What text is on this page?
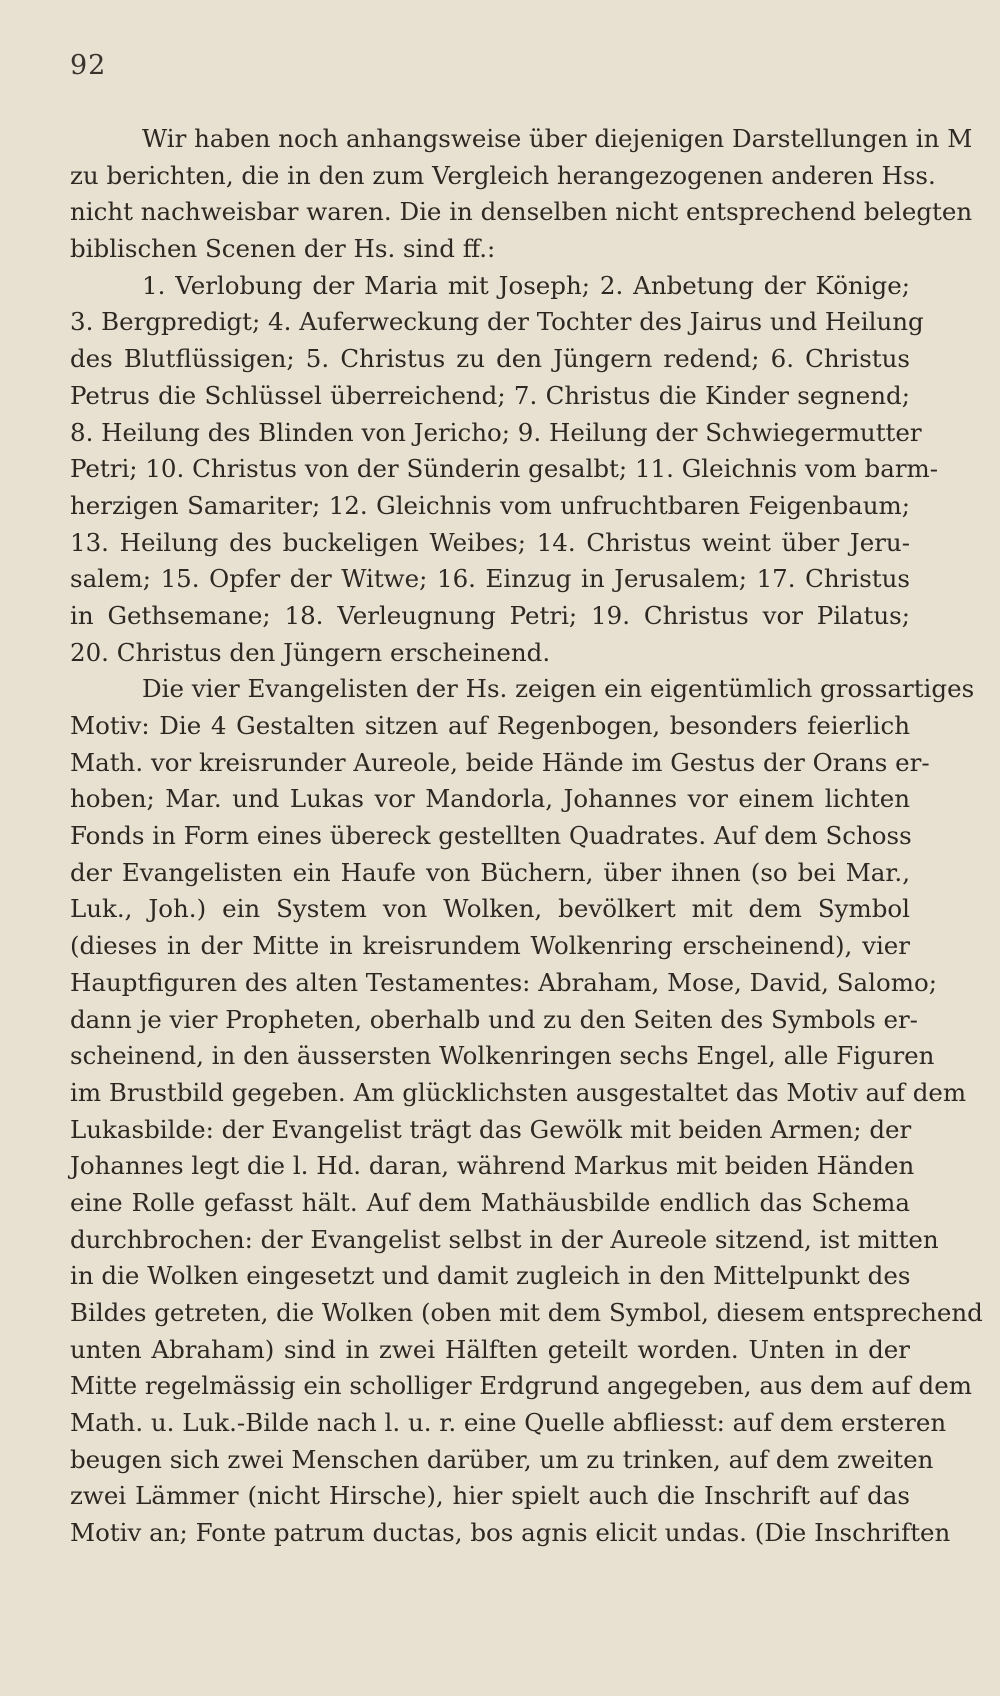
92
Wir haben noch anhangsweise über diejenigen Darstellungen in M
zu berichten, die in den zum Vergleich herangezogenen anderen Hss.
nicht nachweisbar waren. Die in denselben nicht entsprechend belegten
biblischen Scenen der Hs. sind ff.:
1. Verlobung der Maria mit Joseph; 2. Anbetung der Könige;
3. Bergpredigt; 4. Auferweckung der Tochter des Jairus und Heilung
des Blutflüssigen; 5. Christus zu den Jüngern redend; 6. Christus
Petrus die Schlüssel überreichend; 7. Christus die Kinder segnend;
8. Heilung des Blinden von Jericho; 9. Heilung der Schwiegermutter
Petri; 10. Christus von der Sünderin gesalbt; 11. Gleichnis vom barm-
herzigen Samariter; 12. Gleichnis vom unfruchtbaren Feigenbaum;
13. Heilung des buckeligen Weibes; 14. Christus weint über Jeru-
salem; 15. Opfer der Witwe; 16. Einzug in Jerusalem; 17. Christus
in Gethsemane; 18. Verleugnung Petri; 19. Christus vor Pilatus;
20. Christus den Jüngern erscheinend.
Die vier Evangelisten der Hs. zeigen ein eigentümlich grossartiges
Motiv: Die 4 Gestalten sitzen auf Regenbogen, besonders feierlich
Math. vor kreisrunder Aureole, beide Hände im Gestus der Orans er-
hoben; Mar. und Lukas vor Mandorla, Johannes vor einem lichten
Fonds in Form eines übereck gestellten Quadrates. Auf dem Schoss
der Evangelisten ein Haufe von Büchern, über ihnen (so bei Mar.,
Luk., Joh.) ein System von Wolken, bevölkert mit dem Symbol
(dieses in der Mitte in kreisrundem Wolkenring erscheinend), vier
Hauptfiguren des alten Testamentes: Abraham, Mose, David, Salomo;
dann je vier Propheten, oberhalb und zu den Seiten des Symbols er-
scheinend, in den äussersten Wolkenringen sechs Engel, alle Figuren
im Brustbild gegeben. Am glücklichsten ausgestaltet das Motiv auf dem
Lukasbilde: der Evangelist trägt das Gewölk mit beiden Armen; der
Johannes legt die l. Hd. daran, während Markus mit beiden Händen
eine Rolle gefasst hält. Auf dem Mathäusbilde endlich das Schema
durchbrochen: der Evangelist selbst in der Aureole sitzend, ist mitten
in die Wolken eingesetzt und damit zugleich in den Mittelpunkt des
Bildes getreten, die Wolken (oben mit dem Symbol, diesem entsprechend
unten Abraham) sind in zwei Hälften geteilt worden. Unten in der
Mitte regelmässig ein scholliger Erdgrund angegeben, aus dem auf dem
Math. u. Luk.-Bilde nach l. u. r. eine Quelle abfliesst: auf dem ersteren
beugen sich zwei Menschen darüber, um zu trinken, auf dem zweiten
zwei Lämmer (nicht Hirsche), hier spielt auch die Inschrift auf das
Motiv an; Fonte patrum ductas, bos agnis elicit undas. (Die Inschriften
